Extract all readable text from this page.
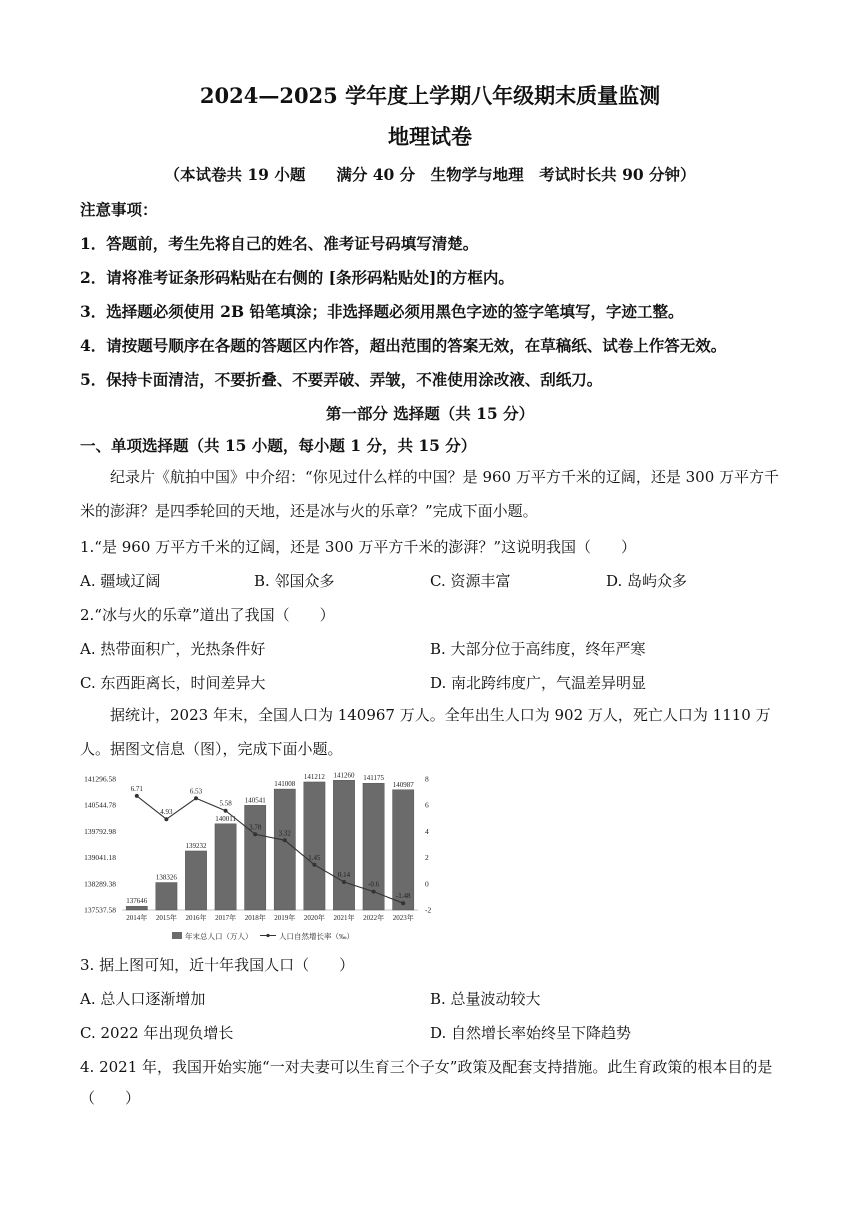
2024—2025 学年度上学期八年级期末质量监测
地理试卷
（本试卷共 19 小题　　满分 40 分　生物学与地理　考试时长共 90 分钟）
注意事项：
1．答题前，考生先将自己的姓名、准考证号码填写清楚。
2．请将准考证条形码粘贴在右侧的 [条形码粘贴处]的方框内。
3．选择题必须使用 2B 铅笔填涂；非选择题必须用黑色字迹的签字笔填写，字迹工整。
4．请按题号顺序在各题的答题区内作答，超出范围的答案无效，在草稿纸、试卷上作答无效。
5．保持卡面清洁，不要折叠、不要弄破、弄皱，不准使用涂改液、刮纸刀。
第一部分 选择题（共 15 分）
一、单项选择题（共 15 小题，每小题 1 分，共 15 分）
纪录片《航拍中国》中介绍：“你见过什么样的中国？是 960 万平方千米的辽阔，还是 300 万平方千米的澎湃？是四季轮回的天地，还是冰与火的乐章？”完成下面小题。
1.“是 960 万平方千米的辽阔，还是 300 万平方千米的澎湃？”这说明我国（　　）
A. 疆域辽阔	B. 邻国众多	C. 资源丰富	D. 岛屿众多
2.“冰与火的乐章”道出了我国（　　）
A. 热带面积广，光热条件好	B. 大部分位于高纬度，终年严寒
C. 东西距离长，时间差异大	D. 南北跨纬度广，气温差异明显
据统计，2023 年末，全国人口为 140967 万人。全年出生人口为 902 万人，死亡人口为 1110 万人。据图文信息（图），完成下面小题。
141296.58
140544.78
139792.98
139041.18
138289.38
137537.58
8
6
4
2
0
-2
137646
138326
139232
140011
140541
141008
141212 141260 141175
140987
2014年 2015年 2016年 2017年 2018年 2019年 2020年 2021年 2022年 2023年
6.71
4.93
6.53
5.58
3.78
3.32
1.45
0.14
-0.6
-1.48
年末总人口（万人）	人口自然增长率（‰）
3. 据上图可知，近十年我国人口（　　）
A. 总人口逐渐增加	B. 总量波动较大
C. 2022 年出现负增长	D. 自然增长率始终呈下降趋势
4. 2021 年，我国开始实施“一对夫妻可以生育三个子女”政策及配套支持措施。此生育政策的根本目的是
（　　）
